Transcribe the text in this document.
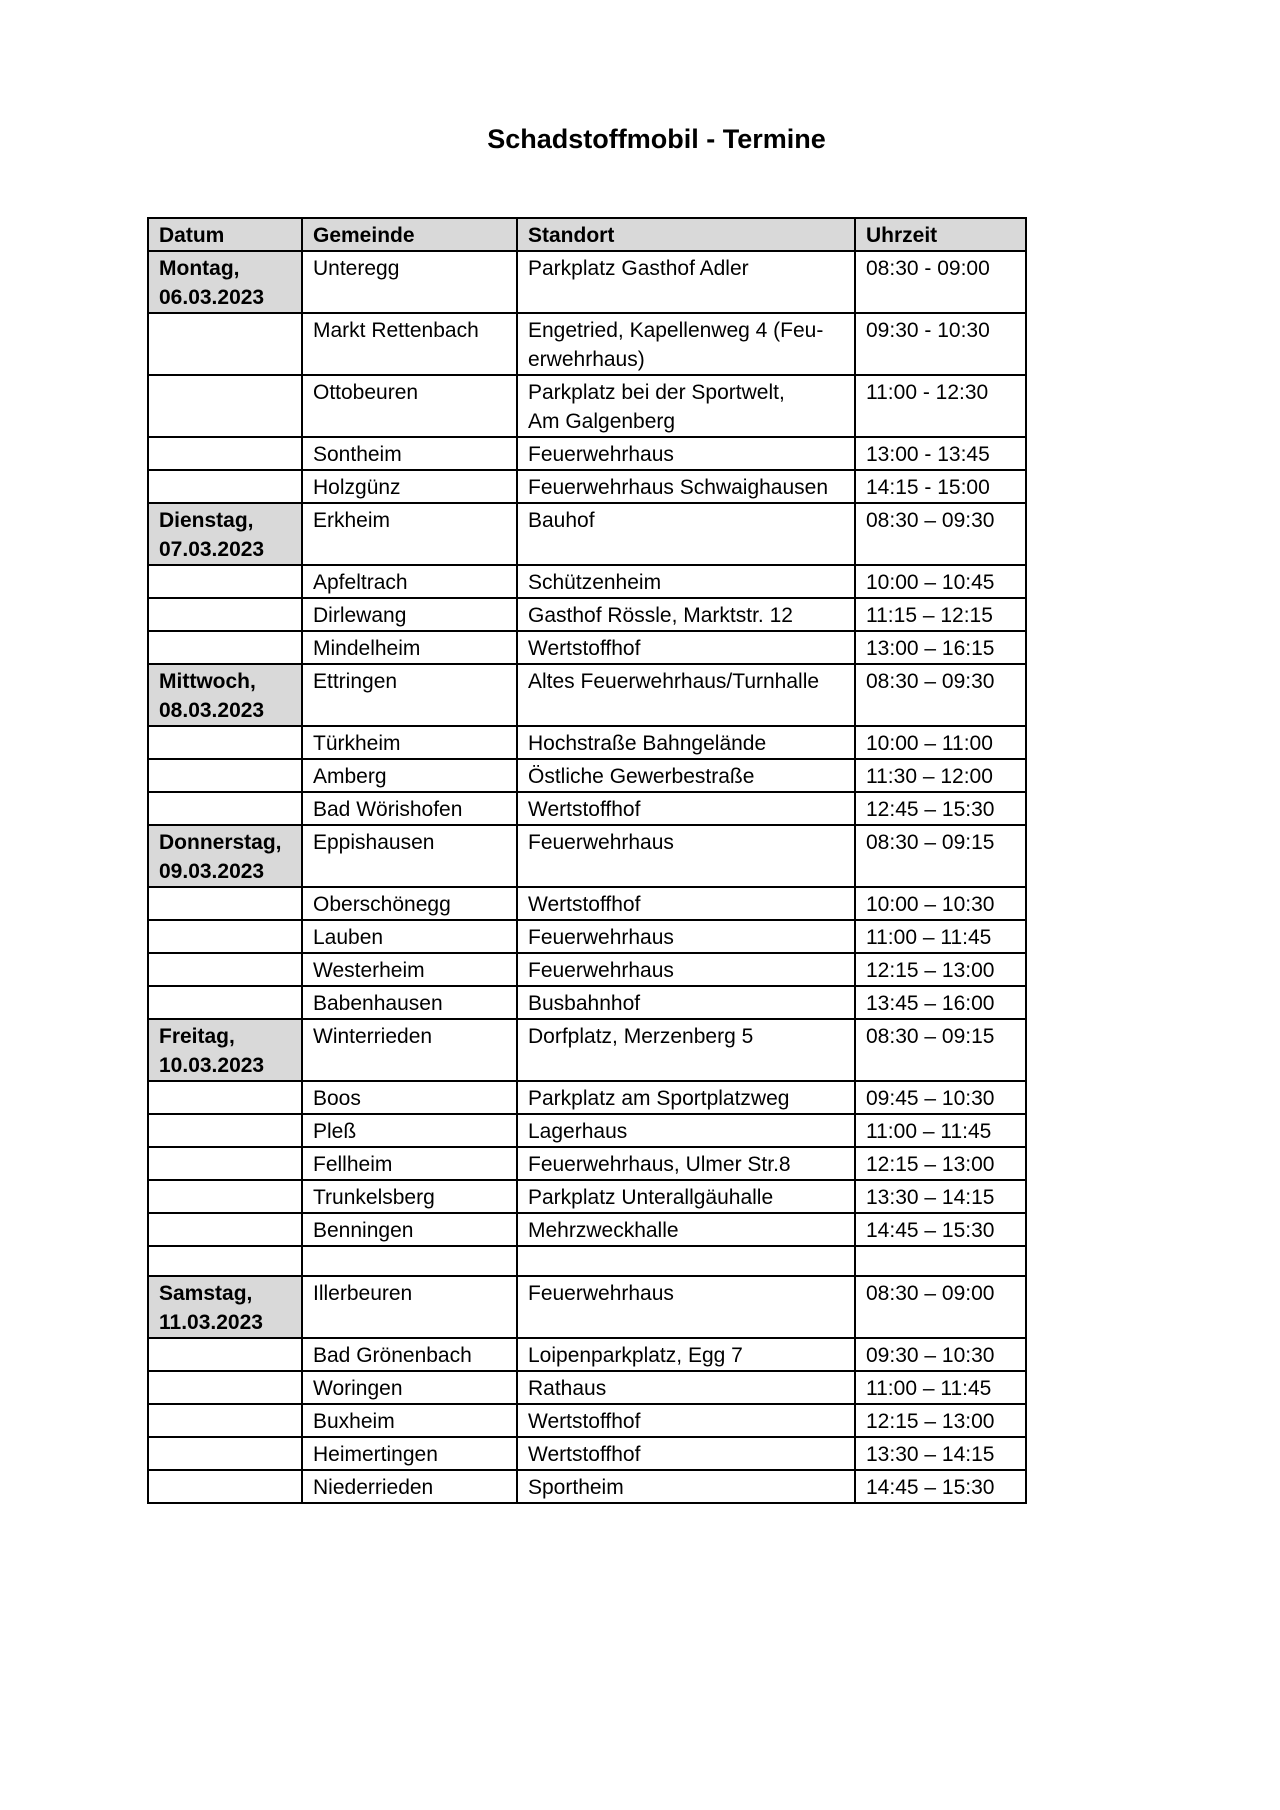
Schadstoffmobil - Termine
Datum	Gemeinde	Standort	Uhrzeit

Montag,
06.03.2023	Unteregg	Parkplatz Gasthof Adler	08:30 - 09:00
	Markt Rettenbach	Engetried, Kapellenweg 4 (Feu-
erwehrhaus)	09:30 - 10:30
	Ottobeuren	Parkplatz bei der Sportwelt,
Am Galgenberg	11:00 - 12:30
	Sontheim	Feuerwehrhaus	13:00 - 13:45
	Holzgünz	Feuerwehrhaus Schwaighausen	14:15 - 15:00

Dienstag,
07.03.2023	Erkheim	Bauhof	08:30 – 09:30
	Apfeltrach	Schützenheim	10:00 – 10:45
	Dirlewang	Gasthof Rössle, Marktstr. 12	11:15 – 12:15
	Mindelheim	Wertstoffhof	13:00 – 16:15

Mittwoch,
08.03.2023	Ettringen	Altes Feuerwehrhaus/Turnhalle	08:30 – 09:30
	Türkheim	Hochstraße Bahngelände	10:00 – 11:00
	Amberg	Östliche Gewerbestraße	11:30 – 12:00
	Bad Wörishofen	Wertstoffhof	12:45 – 15:30

Donnerstag,
09.03.2023	Eppishausen	Feuerwehrhaus	08:30 – 09:15
	Oberschönegg	Wertstoffhof	10:00 – 10:30
	Lauben	Feuerwehrhaus	11:00 – 11:45
	Westerheim	Feuerwehrhaus	12:15 – 13:00
	Babenhausen	Busbahnhof	13:45 – 16:00

Freitag,
10.03.2023	Winterrieden	Dorfplatz, Merzenberg 5	08:30 – 09:15
	Boos	Parkplatz am Sportplatzweg	09:45 – 10:30
	Pleß	Lagerhaus	11:00 – 11:45
	Fellheim	Feuerwehrhaus, Ulmer Str.8	12:15 – 13:00
	Trunkelsberg	Parkplatz Unterallgäuhalle	13:30 – 14:15
	Benningen	Mehrzweckhalle	14:45 – 15:30

Samstag,
11.03.2023	Illerbeuren	Feuerwehrhaus	08:30 – 09:00
	Bad Grönenbach	Loipenparkplatz, Egg 7	09:30 – 10:30
	Woringen	Rathaus	11:00 – 11:45
	Buxheim	Wertstoffhof	12:15 – 13:00
	Heimertingen	Wertstoffhof	13:30 – 14:15
	Niederrieden	Sportheim	14:45 – 15:30
